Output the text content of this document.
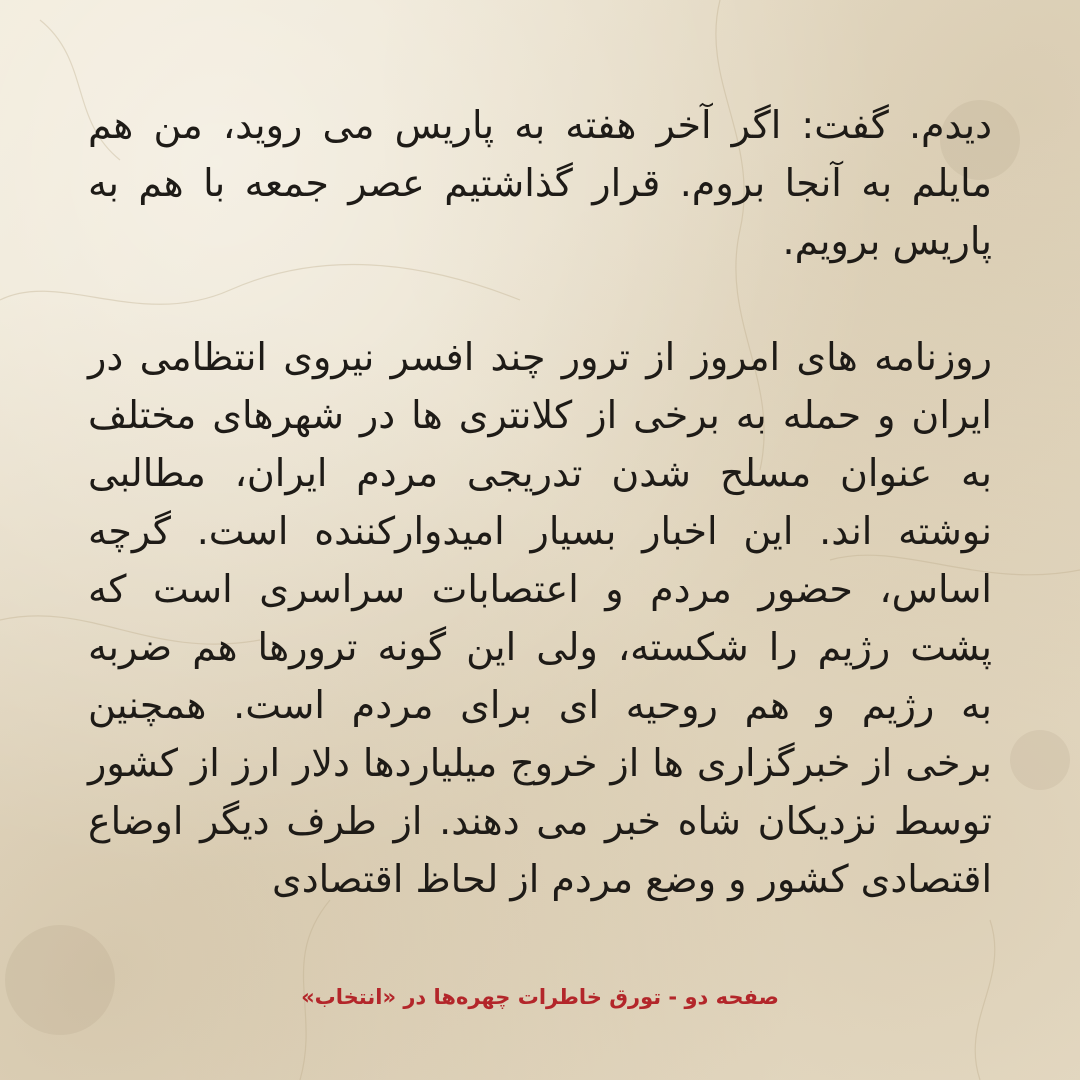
دیدم. گفت: اگر آخر هفته به پاریس می روید، من هم
مایلم به آنجا بروم. قرار گذاشتیم عصر جمعه با هم به
پاریس برویم.
روزنامه های امروز از ترور چند افسر نیروی انتظامی در
ایران و حمله به برخی از کلانتری ها در شهرهای مختلف
به عنوان مسلح شدن تدریجی مردم ایران، مطالبی
نوشته اند. این اخبار بسیار امیدوارکننده است. گرچه
اساس، حضور مردم و اعتصابات سراسری است که
پشت رژیم را شکسته، ولی این گونه ترورها هم ضربه
به رژیم و هم روحیه ای برای مردم است. همچنین
برخی از خبرگزاری ها از خروج میلیاردها دلار ارز از کشور
توسط نزدیکان شاه خبر می دهند. از طرف دیگر اوضاع
اقتصادی کشور و وضع مردم از لحاظ اقتصادی
صفحه دو - تورق خاطرات چهره‌ها در «انتخاب»
